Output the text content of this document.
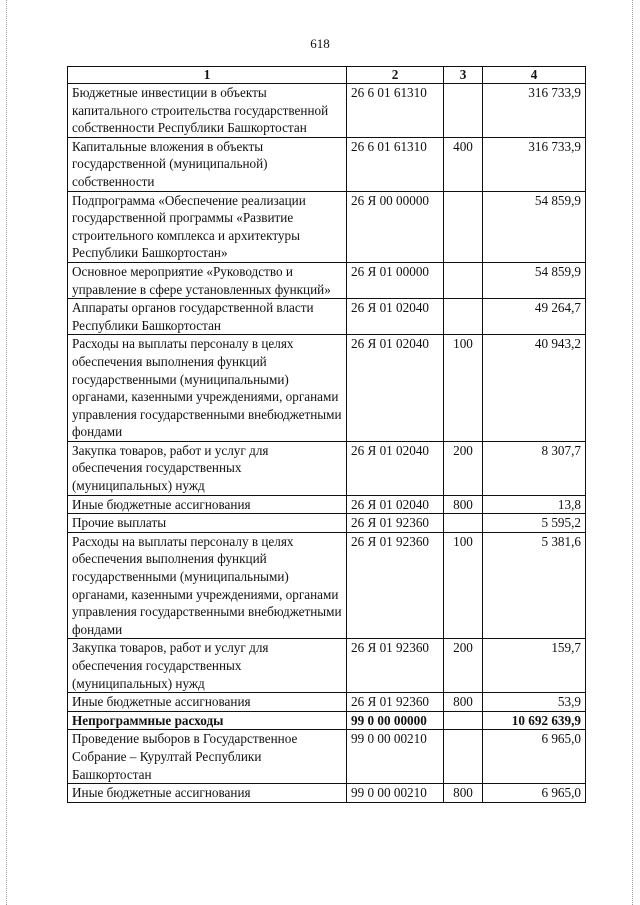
618
1	2	3	4
Бюджетные инвестиции в объекты капитального строительства государственной собственности Республики Башкортостан	26 6 01 61310		316 733,9
Капитальные вложения в объекты государственной (муниципальной) собственности	26 6 01 61310	400	316 733,9
Подпрограмма «Обеспечение реализации государственной программы «Развитие строительного комплекса и архитектуры Республики Башкортостан»	26 Я 00 00000		54 859,9
Основное мероприятие «Руководство и управление в сфере установленных функций»	26 Я 01 00000		54 859,9
Аппараты органов государственной власти Республики Башкортостан	26 Я 01 02040		49 264,7
Расходы на выплаты персоналу в целях обеспечения выполнения функций государственными (муниципальными) органами, казенными учреждениями, органами управления государственными внебюджетными фондами	26 Я 01 02040	100	40 943,2
Закупка товаров, работ и услуг для обеспечения государственных (муниципальных) нужд	26 Я 01 02040	200	8 307,7
Иные бюджетные ассигнования	26 Я 01 02040	800	13,8
Прочие выплаты	26 Я 01 92360		5 595,2
Расходы на выплаты персоналу в целях обеспечения выполнения функций государственными (муниципальными) органами, казенными учреждениями, органами управления государственными внебюджетными фондами	26 Я 01 92360	100	5 381,6
Закупка товаров, работ и услуг для обеспечения государственных (муниципальных) нужд	26 Я 01 92360	200	159,7
Иные бюджетные ассигнования	26 Я 01 92360	800	53,9
Непрограммные расходы	99 0 00 00000		10 692 639,9
Проведение выборов в Государственное Собрание – Курултай Республики Башкортостан	99 0 00 00210		6 965,0
Иные бюджетные ассигнования	99 0 00 00210	800	6 965,0
